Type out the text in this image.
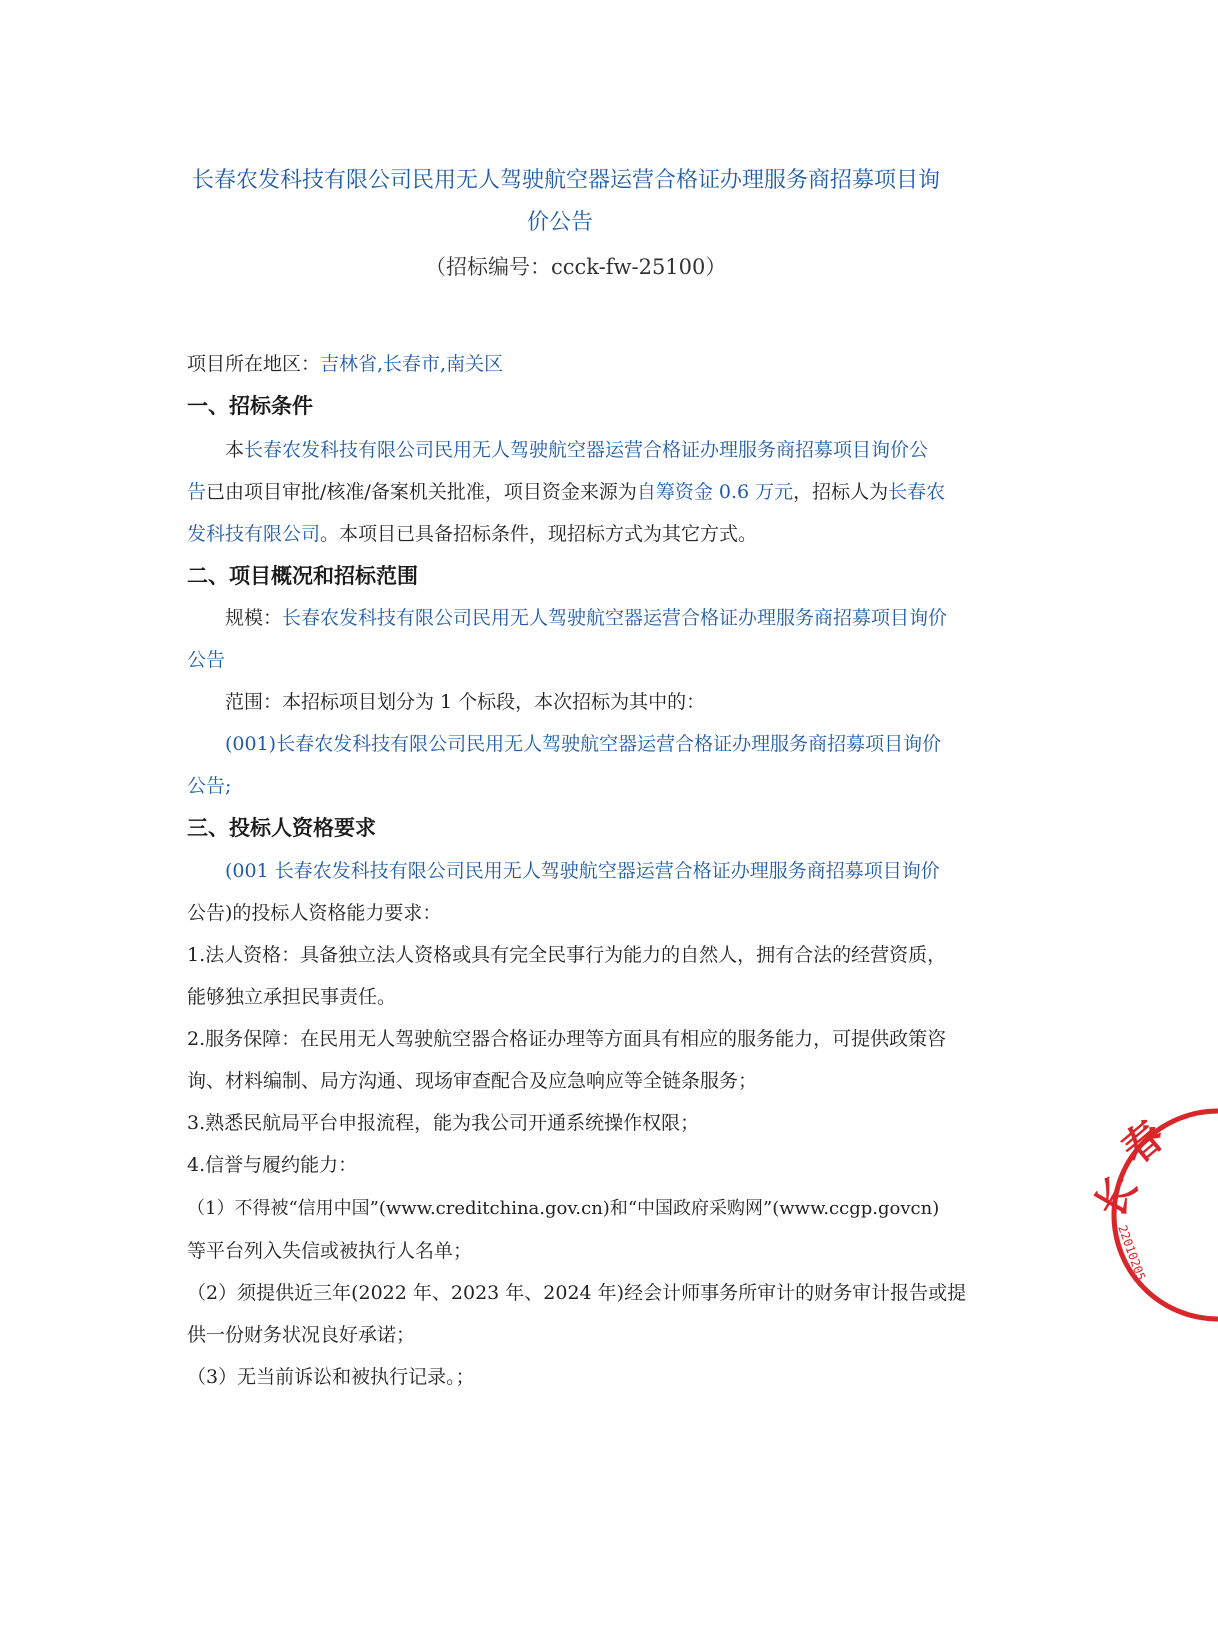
长春农发科技有限公司民用无人驾驶航空器运营合格证办理服务商招募项目询
价公告
（招标编号：ccck-fw-25100）
项目所在地区：吉林省,长春市,南关区
一、招标条件
本长春农发科技有限公司民用无人驾驶航空器运营合格证办理服务商招募项目询价公
告已由项目审批/核准/备案机关批准，项目资金来源为自筹资金 0.6 万元，招标人为长春农
发科技有限公司。本项目已具备招标条件，现招标方式为其它方式。
二、项目概况和招标范围
规模：长春农发科技有限公司民用无人驾驶航空器运营合格证办理服务商招募项目询价
公告
范围：本招标项目划分为 1 个标段，本次招标为其中的：
(001)长春农发科技有限公司民用无人驾驶航空器运营合格证办理服务商招募项目询价
公告;
三、投标人资格要求
(001 长春农发科技有限公司民用无人驾驶航空器运营合格证办理服务商招募项目询价
公告)的投标人资格能力要求：
1.法人资格：具备独立法人资格或具有完全民事行为能力的自然人，拥有合法的经营资质，
能够独立承担民事责任。
2.服务保障：在民用无人驾驶航空器合格证办理等方面具有相应的服务能力，可提供政策咨
询、材料编制、局方沟通、现场审查配合及应急响应等全链条服务；
3.熟悉民航局平台申报流程，能为我公司开通系统操作权限；
4.信誉与履约能力：
（1）不得被“信用中国”(www.creditchina.gov.cn)和“中国政府采购网”(www.ccgp.govcn)
等平台列入失信或被执行人名单；
（2）须提供近三年(2022 年、2023 年、2024 年)经会计师事务所审计的财务审计报告或提
供一份财务状况良好承诺；
（3）无当前诉讼和被执行记录。；
长
春
22010205
